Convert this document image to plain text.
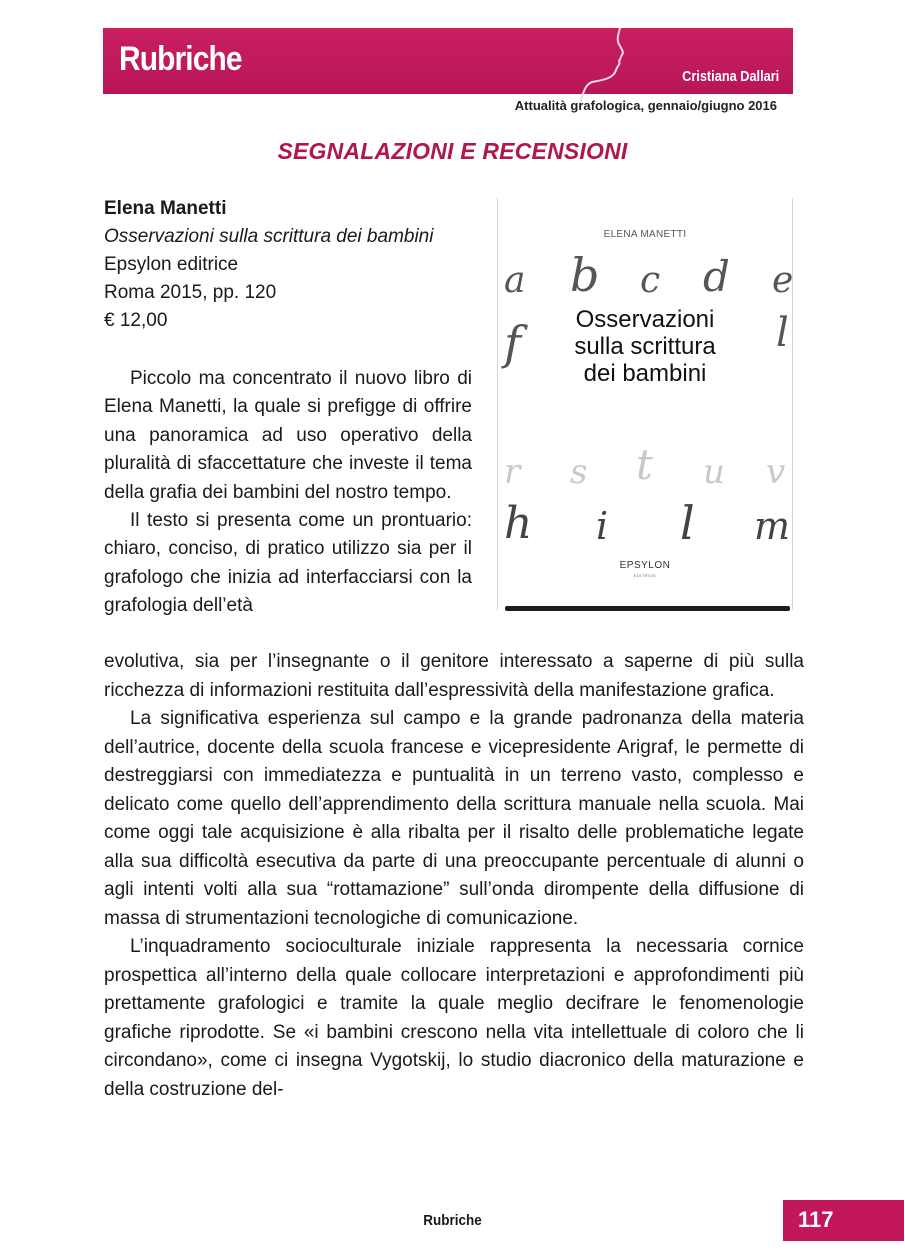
Rubriche	Cristiana Dallari
Attualità grafologica, gennaio/giugno 2016
SEGNALAZIONI E RECENSIONI
Elena Manetti
Osservazioni sulla scrittura dei bambini
Epsylon editrice
Roma 2015, pp. 120
€ 12,00
ELENA MANETTI
a b c d e
f	l
Osservazioni
sulla scrittura
dei bambini
r s t u v
h i l m
EPSYLON
EDITRICE

Piccolo ma concentrato il nuovo libro di Elena Manetti, la quale si prefigge di offrire una panoramica ad uso operativo della pluralità di sfaccettature che investe il tema della grafia dei bambini del nostro tempo.

Il testo si presenta come un prontuario: chiaro, conciso, di pratico utilizzo sia per il grafologo che inizia ad interfacciarsi con la grafologia dell’età

evolutiva, sia per l’insegnante o il genitore interessato a saperne di più sulla ricchezza di informazioni restituita dall’espressività della manifestazione grafica.

La significativa esperienza sul campo e la grande padronanza della materia dell’autrice, docente della scuola francese e vicepresidente Arigraf, le permette di destreggiarsi con immediatezza e puntualità in un terreno vasto, complesso e delicato come quello dell’apprendimento della scrittura manuale nella scuola. Mai come oggi tale acquisizione è alla ribalta per il risalto delle problematiche legate alla sua difficoltà esecutiva da parte di una preoccupante percentuale di alunni o agli intenti volti alla sua “rottamazione” sull’onda dirompente della diffusione di massa di strumentazioni tecnologiche di comunicazione.

L’inquadramento socioculturale iniziale rappresenta la necessaria cornice prospettica all’interno della quale collocare interpretazioni e approfondimenti più prettamente grafologici e tramite la quale meglio decifrare le fenomenologie grafiche riprodotte. Se «i bambini crescono nella vita intellettuale di coloro che li circondano», come ci insegna Vygotskij, lo studio diacronico della maturazione e della costruzione del-

Rubriche	117
